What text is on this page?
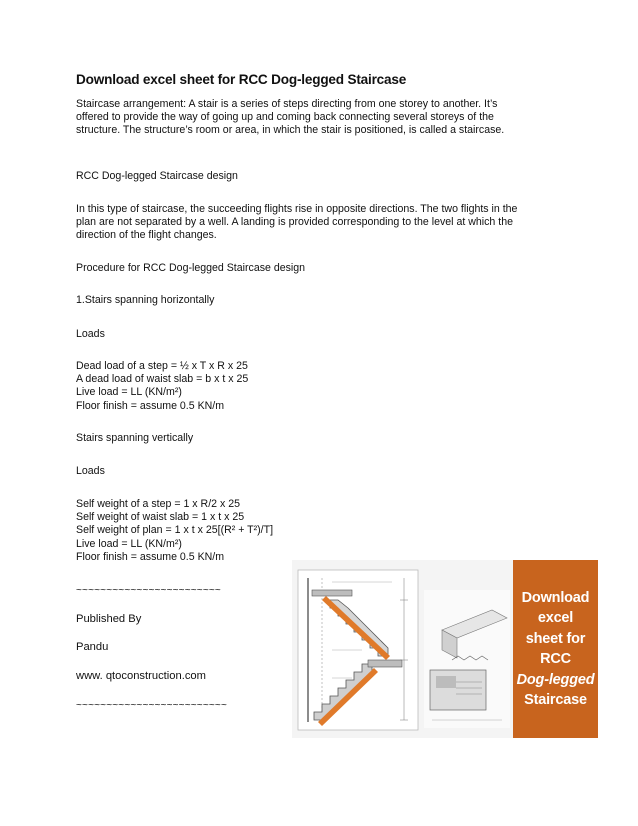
Download excel sheet for RCC Dog-legged Staircase
Staircase arrangement: A stair is a series of steps directing from one storey to another. It’s
offered to provide the way of going up and coming back connecting several storeys of the
structure. The structure’s room or area, in which the stair is positioned, is called a staircase.
RCC Dog-legged Staircase design
In this type of staircase, the succeeding flights rise in opposite directions. The two flights in the
plan are not separated by a well. A landing is provided corresponding to the level at which the
direction of the flight changes.
Procedure for RCC Dog-legged Staircase design
1.Stairs spanning horizontally
Loads
Dead load of a step = ½ x T x R x 25
A dead load of waist slab = b x t x 25
Live load = LL (KN/m²)
Floor finish = assume 0.5 KN/m
Stairs spanning vertically
Loads
Self weight of a step = 1 x R/2 x 25
Self weight of waist slab = 1 x t x 25
Self weight of plan = 1 x t x 25[(R² + T²)/T]
Live load = LL (KN/m²)
Floor finish = assume 0.5 KN/m
~~~~~~~~~~~~~~~~~~~~~~~~
Published By
Pandu
www. qtoconstruction.com
~~~~~~~~~~~~~~~~~~~~~~~~~
Download
excel
sheet for
RCC
Dog-legged
Staircase
